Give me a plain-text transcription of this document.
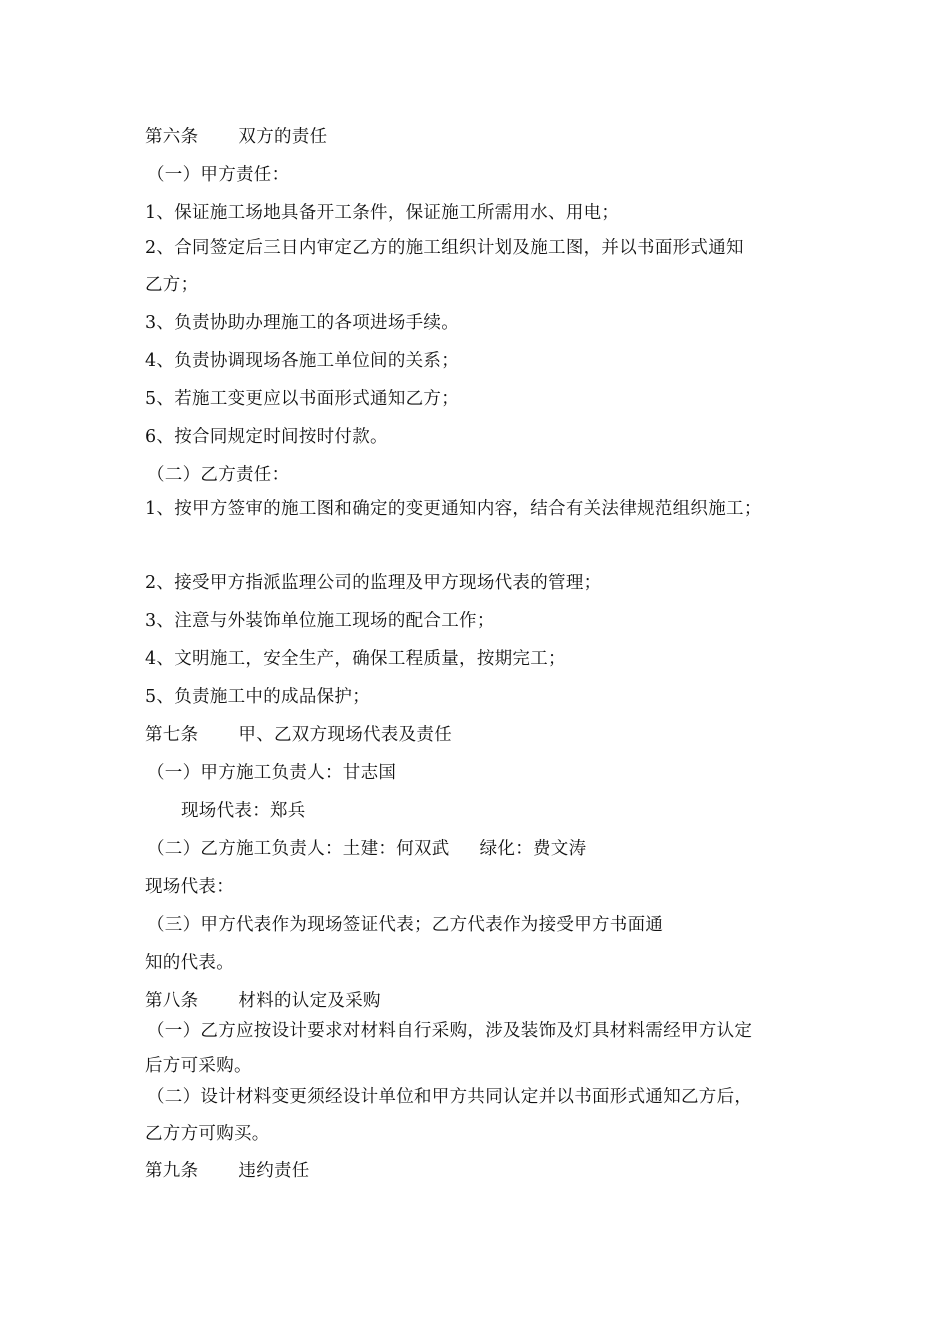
第六条 双方的责任
（一）甲方责任：
1、保证施工场地具备开工条件，保证施工所需用水、用电；
2、合同签定后三日内审定乙方的施工组织计划及施工图，并以书面形式通知
乙方；
3、负责协助办理施工的各项进场手续。
4、负责协调现场各施工单位间的关系；
5、若施工变更应以书面形式通知乙方；
6、按合同规定时间按时付款。
（二）乙方责任：
1、按甲方签审的施工图和确定的变更通知内容，结合有关法律规范组织施工；
2、接受甲方指派监理公司的监理及甲方现场代表的管理；
3、注意与外装饰单位施工现场的配合工作；
4、文明施工，安全生产，确保工程质量，按期完工；
5、负责施工中的成品保护；
第七条 甲、乙双方现场代表及责任
（一）甲方施工负责人：甘志国
现场代表：郑兵
（二）乙方施工负责人：土建：何双武 绿化：费文涛
现场代表：
（三）甲方代表作为现场签证代表；乙方代表作为接受甲方书面通
知的代表。
第八条 材料的认定及采购
（一）乙方应按设计要求对材料自行采购，涉及装饰及灯具材料需经甲方认定
后方可采购。
（二）设计材料变更须经设计单位和甲方共同认定并以书面形式通知乙方后，
乙方方可购买。
第九条 违约责任
